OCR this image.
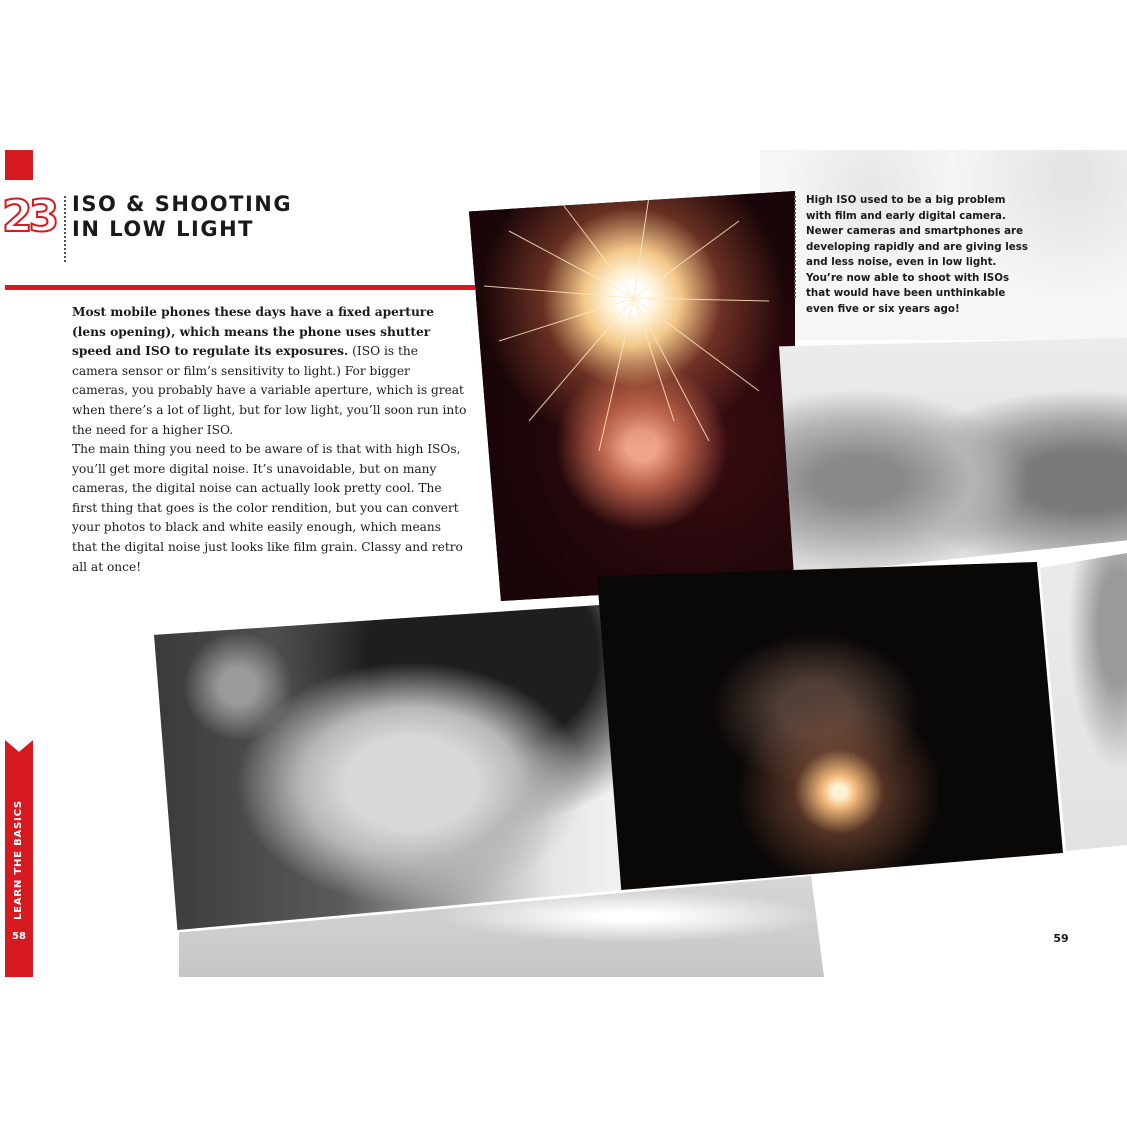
23 ISO & SHOOTING
IN LOW LIGHT
Most mobile phones these days have a fixed aperture (lens opening), which means the phone uses shutter speed and ISO to regulate its exposures. (ISO is the camera sensor or film’s sensitivity to light.) For bigger cameras, you probably have a variable aperture, which is great when there’s a lot of light, but for low light, you’ll soon run into the need for a higher ISO.
The main thing you need to be aware of is that with high ISOs, you’ll get more digital noise. It’s unavoidable, but on many cameras, the digital noise can actually look pretty cool. The first thing that goes is the color rendition, but you can convert your photos to black and white easily enough, which means that the digital noise just looks like film grain. Classy and retro all at once!
High ISO used to be a big problem with film and early digital camera. Newer cameras and smartphones are developing rapidly and are giving less and less noise, even in low light. You’re now able to shoot with ISOs that would have been unthinkable even five or six years ago!
LEARN THE BASICS
58	59
